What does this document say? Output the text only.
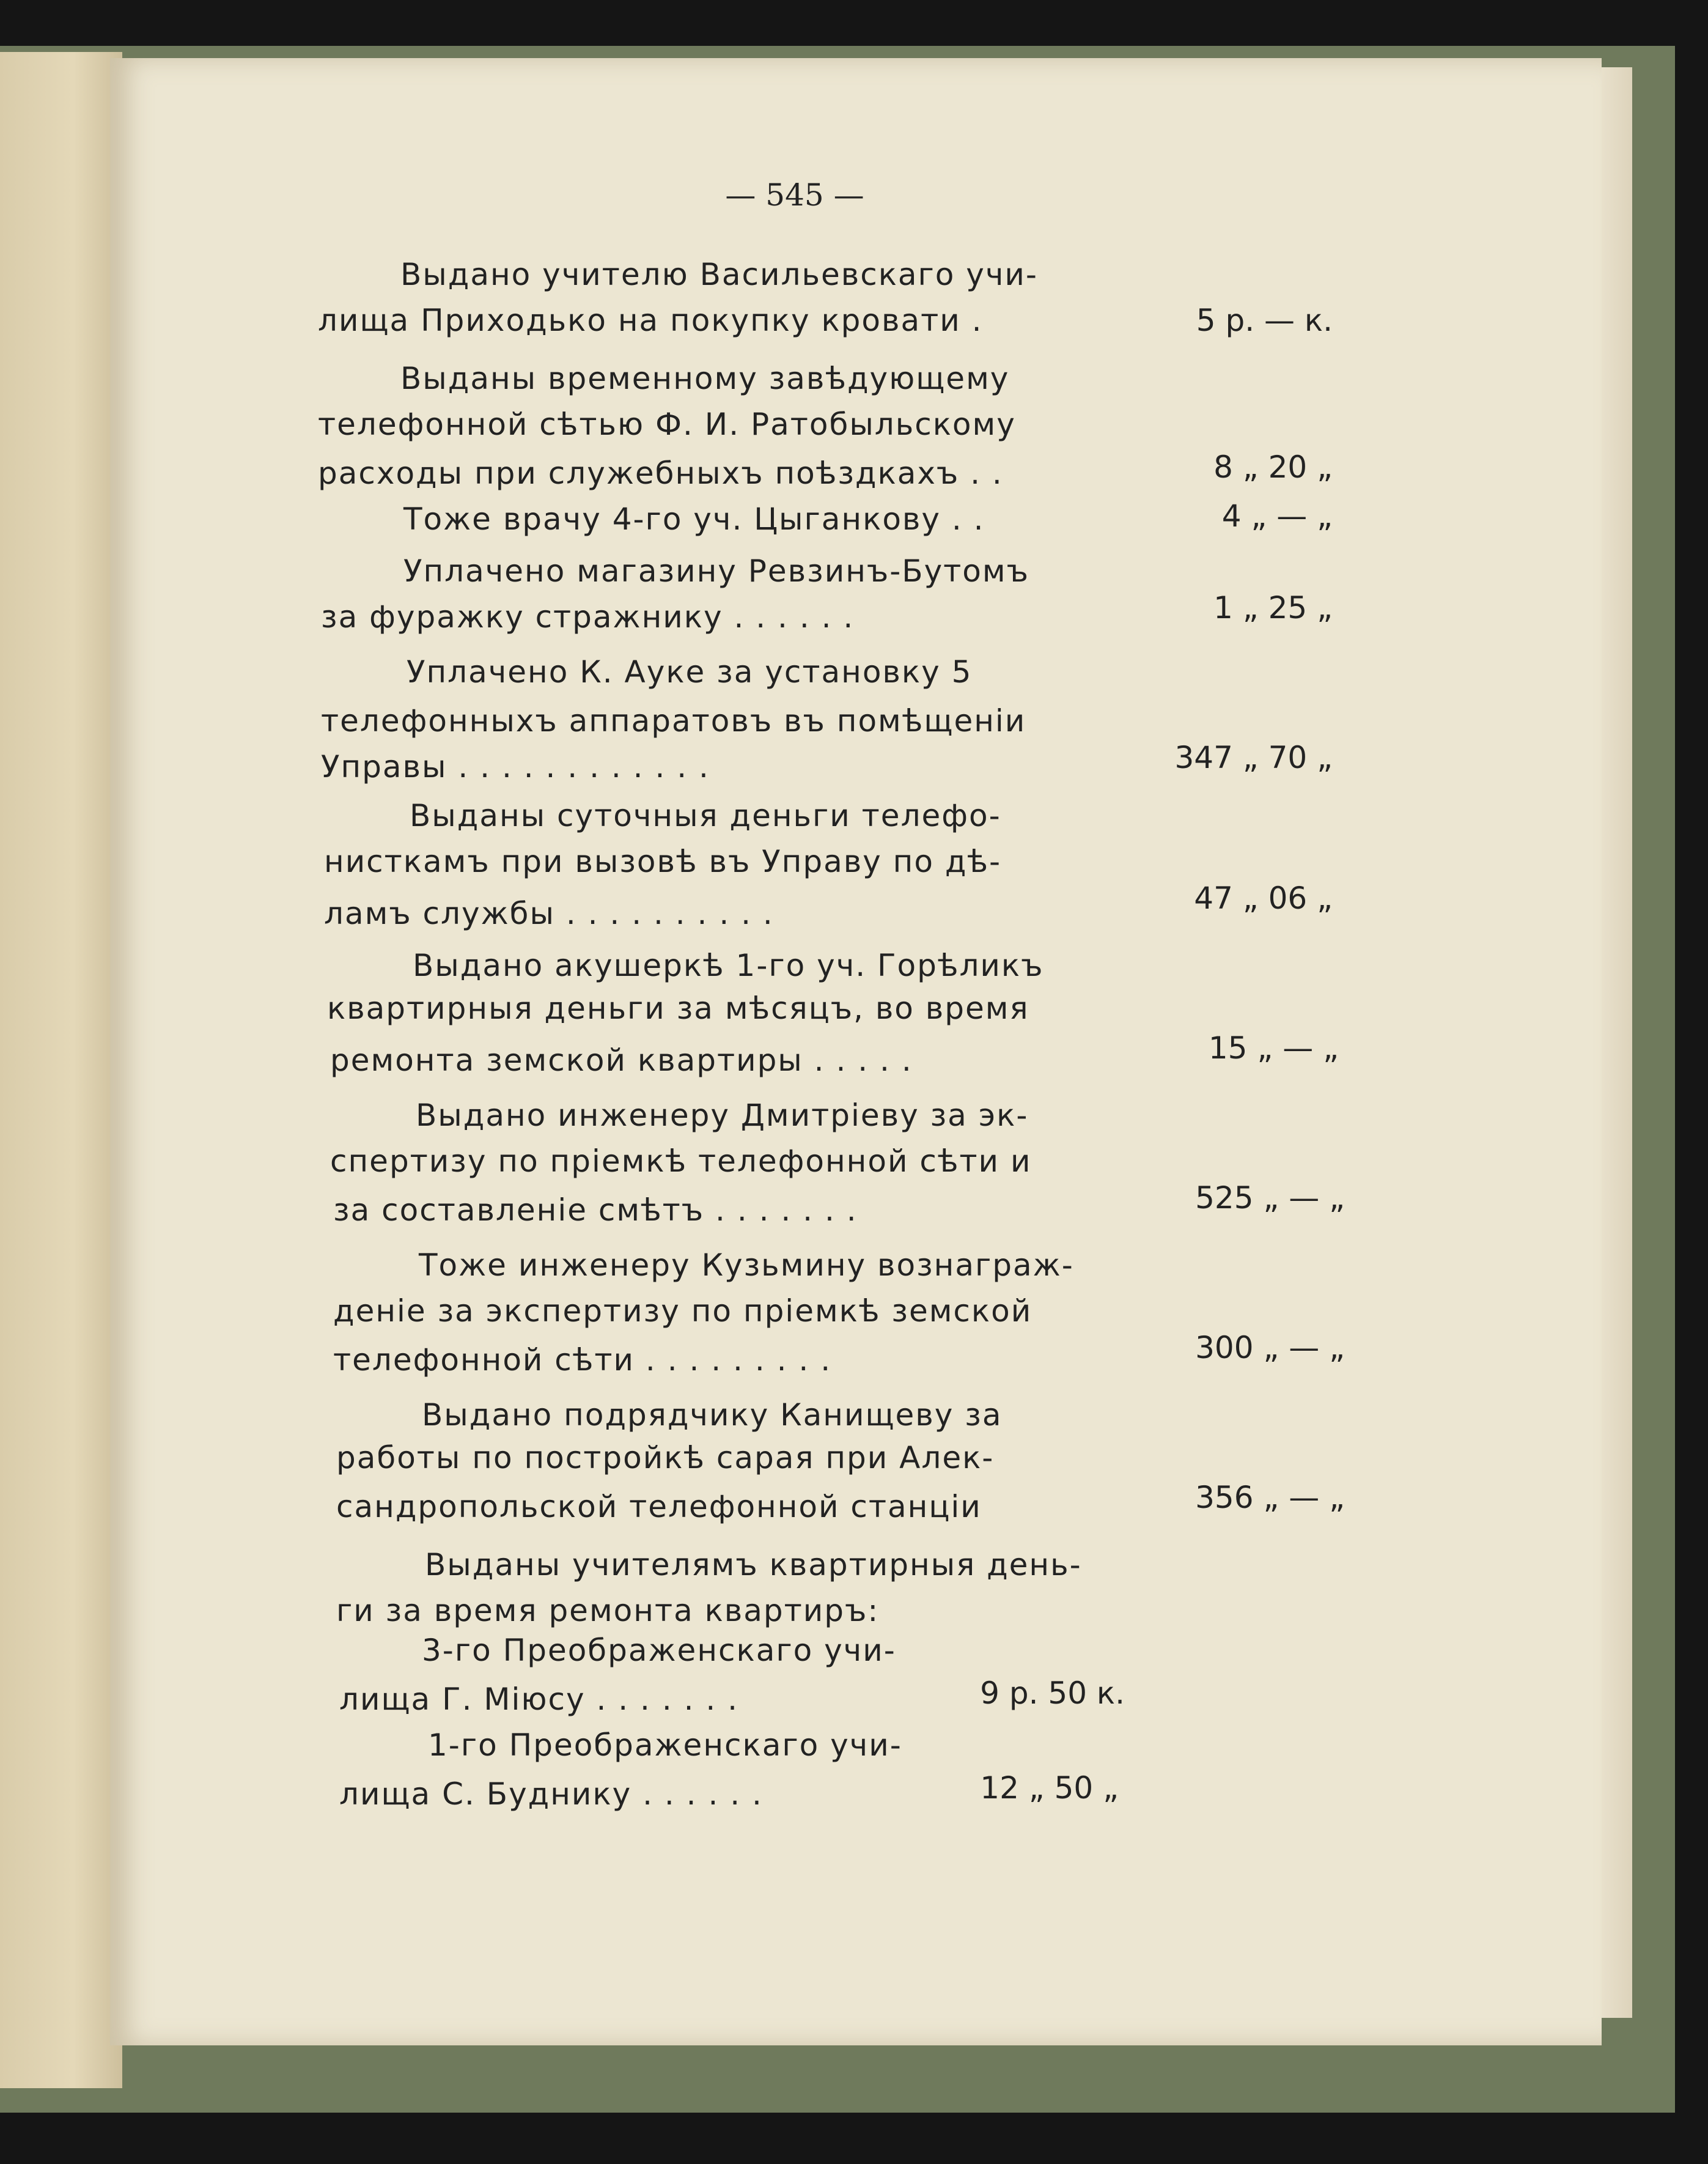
— 545 —
Выдано учителю Васильевскаго учи-
лища Приходько на покупку кровати .	5 р. — к.
Выданы временному завѣдующему
телефонной сѣтью Ф. И. Ратобыльскому
расходы при служебныхъ поѣздкахъ . .	8 „ 20 „
Тоже врачу 4-го уч. Цыганкову . .	4 „ — „
Уплачено магазину Ревзинъ-Бутомъ
за фуражку стражнику . . . . . .	1 „ 25 „
Уплачено К. Ауке за установку 5
телефонныхъ аппаратовъ въ помѣщеніи
Управы . . . . . . . . . . . .	347 „ 70 „
Выданы суточныя деньги телефо-
нисткамъ при вызовѣ въ Управу по дѣ-
ламъ службы . . . . . . . . . .	47 „ 06 „
Выдано акушеркѣ 1-го уч. Горѣликъ
квартирныя деньги за мѣсяцъ, во время
ремонта земской квартиры . . . . .	15 „ — „
Выдано инженеру Дмитріеву за эк-
спертизу по пріемкѣ телефонной сѣти и
за составленіе смѣтъ . . . . . . .	525 „ — „
Тоже инженеру Кузьмину вознаграж-
деніе за экспертизу по пріемкѣ земской
телефонной сѣти . . . . . . . . .	300 „ — „
Выдано подрядчику Канищеву за
работы по постройкѣ сарая при Алек-
сандропольской телефонной станціи	356 „ — „
Выданы учителямъ квартирныя день-
ги за время ремонта квартиръ:
3-го Преображенскаго учи-
лища Г. Міюсу . . . . . . .	9 р. 50 к.
1-го Преображенскаго учи-
лища С. Буднику . . . . . .	12 „ 50 „
